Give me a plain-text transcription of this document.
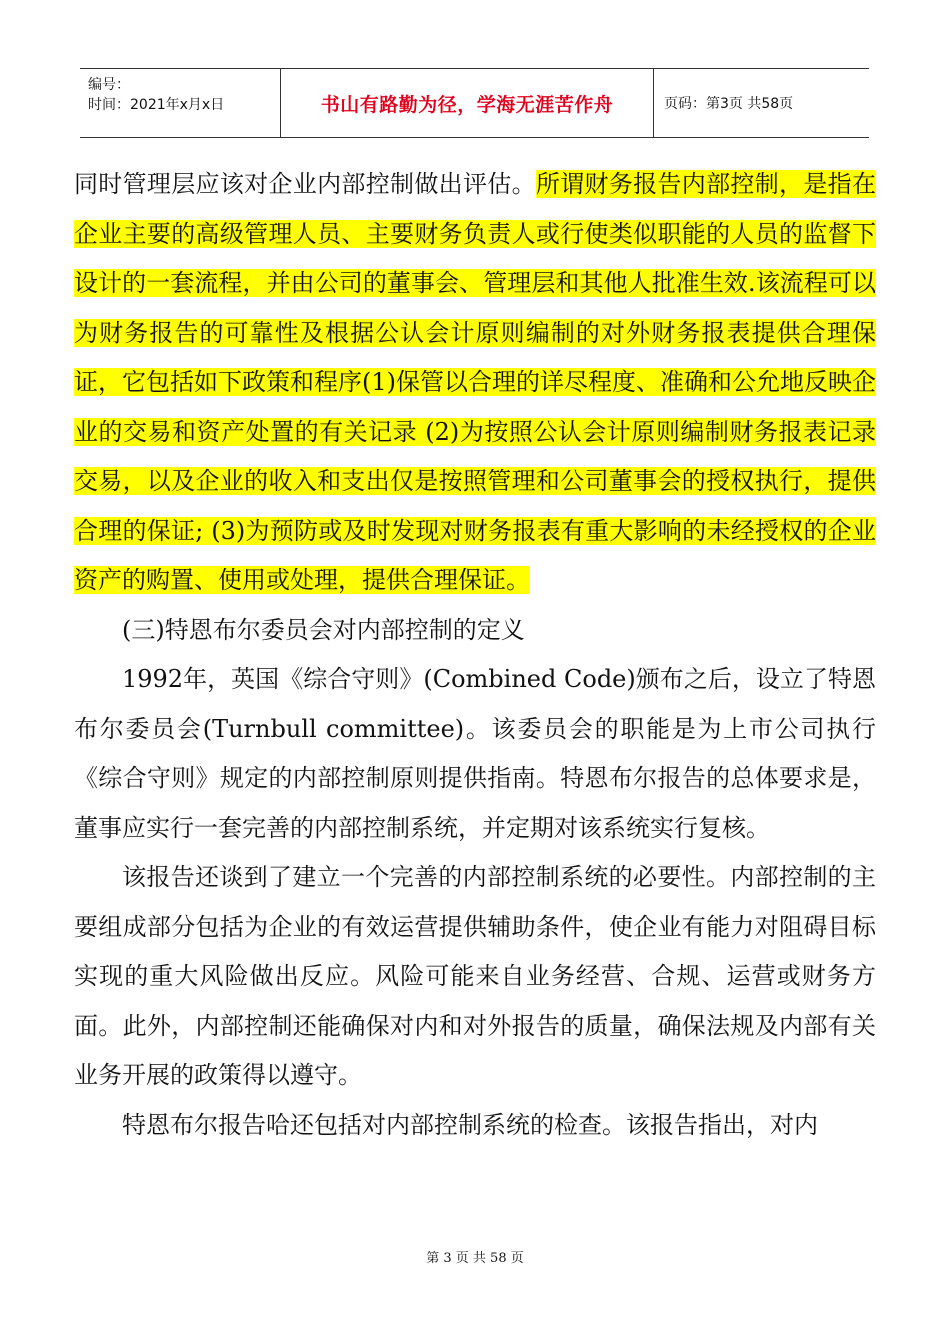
编号：
时间：2021年x月x日	书山有路勤为径，学海无涯苦作舟	页码：第3页 共58页

同时管理层应该对企业内部控制做出评估。所谓财务报告内部控制，是指在企业主要的高级管理人员、主要财务负责人或行使类似职能的人员的监督下设计的一套流程，并由公司的董事会、管理层和其他人批准生效.该流程可以为财务报告的可靠性及根据公认会计原则编制的对外财务报表提供合理保证，它包括如下政策和程序(1)保管以合理的详尽程度、准确和公允地反映企业的交易和资产处置的有关记录 (2)为按照公认会计原则编制财务报表记录交易，以及企业的收入和支出仅是按照管理和公司董事会的授权执行，提供合理的保证; (3)为预防或及时发现对财务报表有重大影响的未经授权的企业资产的购置、使用或处理，提供合理保证。

(三)特恩布尔委员会对内部控制的定义

1992年，英国《综合守则》(Combined Code)颁布之后，设立了特恩布尔委员会(Turnbull committee)。该委员会的职能是为上市公司执行《综合守则》规定的内部控制原则提供指南。特恩布尔报告的总体要求是，董事应实行一套完善的内部控制系统，并定期对该系统实行复核。

该报告还谈到了建立一个完善的内部控制系统的必要性。内部控制的主要组成部分包括为企业的有效运营提供辅助条件，使企业有能力对阻碍目标实现的重大风险做出反应。风险可能来自业务经营、合规、运营或财务方面。此外，内部控制还能确保对内和对外报告的质量，确保法规及内部有关业务开展的政策得以遵守。

特恩布尔报告哈还包括对内部控制系统的检查。该报告指出，对内

第 3 页 共 58 页
